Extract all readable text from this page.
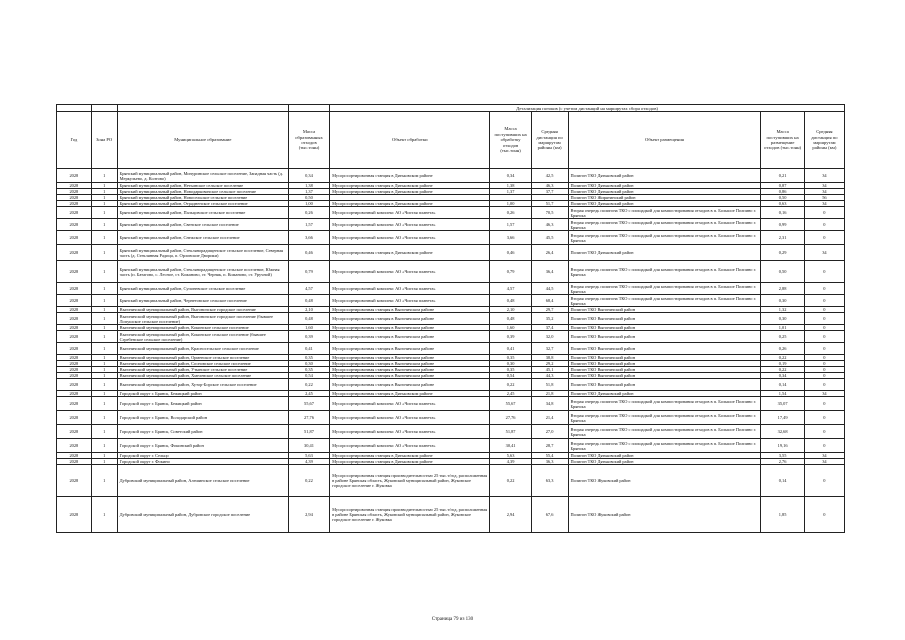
				Детализация потоков (с учетом дистанций на маршрутах сбора отходов)					
Год	Зона РО	Муниципальное образование	Масса образованных отходов (тыс.тонн)	Объект обработки	Масса поступивших на обработку отходов (тыс.тонн)	Средняя дистанция по маршрутам районы (км)	Объект размещения	Масса поступивших на размещение отходов (тыс.тонн)	Средняя дистанция по маршрутам районы (км)
2028	1	Брянский муниципальный район, Мичуринское сельское поселение, Западная часть (д. Меркульево, д. Колтово)	0,34	Мусоросортировочная станция в Дятьковском районе	0,34	42,5	Полигон ТКО Дятьковский район	0,21	34
2028	1	Брянский муниципальный район, Нетьинское сельское поселение	1,38	Мусоросортировочная станция в Дятьковском районе	1,38	46,3	Полигон ТКО Дятьковский район	0,87	34
2028	1	Брянский муниципальный район, Новодарковичское сельское поселение	1,37	Мусоросортировочная станция в Дятьковском районе	1,37	37,7	Полигон ТКО Дятьковский район	0,86	34
2028	1	Брянский муниципальный район, Новосельское сельское поселение	0,50				Полигон ТКО Жирятинский район	0,50	56
2028	1	Брянский муниципальный район, Отрадненское сельское поселение	1,00	Мусоросортировочная станция в Дятьковском районе	1,00	51,7	Полигон ТКО Дятьковский район	0,63	34
2028	1	Брянский муниципальный район, Пальцовское сельское поселение	0,26	Мусоросортировочный комплекс АО «Чистая планета»	0,26	70,5	Вторая очередь полигона ТКО с площадкой для компостирования отходов в п. Большое Полпино г. Брянска	0,16	0
2028	1	Брянский муниципальный район, Свенское сельское поселение	1,57	Мусоросортировочный комплекс АО «Чистая планета»	1,57	46,3	Вторая очередь полигона ТКО с площадкой для компостирования отходов в п. Большое Полпино г. Брянска	0,99	0
2028	1	Брянский муниципальный район, Снежское сельское поселение	3,66	Мусоросортировочный комплекс АО «Чистая планета»	3,66	45,5	Вторая очередь полигона ТКО с площадкой для компостирования отходов в п. Большое Полпино г. Брянска	2,31	0
2028	1	Брянский муниципальный район, Стеклянорадищенское сельское поселение, Северная часть (д. Стеклянная Радица, п. Орловские Дворики)	0,46	Мусоросортировочная станция в Дятьковском районе	0,46	26,4	Полигон ТКО Дятьковский район	0,29	34
2028	1	Брянский муниципальный район, Стеклянорадищенское сельское поселение, Южная часть (п. Батагово, с. Лесное, ст. Кожаново, ст. Черняк, п. Кожаново, ст. Уручной)	0,79	Мусоросортировочный комплекс АО «Чистая планета»	0,79	36,4	Вторая очередь полигона ТКО с площадкой для компостирования отходов в п. Большое Полпино г. Брянска	0,50	0
2028	1	Брянский муниципальный район, Супоневское сельское поселение	4,57	Мусоросортировочный комплекс АО «Чистая планета»	4,57	44,5	Вторая очередь полигона ТКО с площадкой для компостирования отходов в п. Большое Полпино г. Брянска	2,88	0
2028	1	Брянский муниципальный район, Чернетовское сельское поселение	0,48	Мусоросортировочный комплекс АО «Чистая планета»	0,48	68,4	Вторая очередь полигона ТКО с площадкой для компостирования отходов в п. Большое Полпино г. Брянска	0,30	0
2028	1	Выгоничский муниципальный район, Выгоничское городское поселение	2,10	Мусоросортировочная станция в Выгоничском районе	2,10	29,7	Полигон ТКО Выгоничский район	1,32	0
2028	1	Выгоничский муниципальный район, Выгоничское городское поселение (бывшее Лопушское сельское поселение)	0,48	Мусоросортировочная станция в Выгоничском районе	0,48	35,2	Полигон ТКО Выгоничский район	0,30	0
2028	1	Выгоничский муниципальный район, Кокинское сельское поселение	1,60	Мусоросортировочная станция в Выгоничском районе	1,60	37,4	Полигон ТКО Выгоничский район	1,01	0
2028	1	Выгоничский муниципальный район, Кокинское сельское поселение (бывшее Сгребенское сельское поселение)	0,39	Мусоросортировочная станция в Выгоничском районе	0,39	32,0	Полигон ТКО Выгоничский район	0,25	0
2028	1	Выгоничский муниципальный район, Красносельское сельское поселение	0,41	Мусоросортировочная станция в Выгоничском районе	0,41	32,7	Полигон ТКО Выгоничский район	0,26	0
2028	1	Выгоничский муниципальный район, Орменское сельское поселение	0,35	Мусоросортировочная станция в Выгоничском районе	0,35	38,8	Полигон ТКО Выгоничский район	0,22	0
2028	1	Выгоничский муниципальный район, Сосновское сельское поселение	0,30	Мусоросортировочная станция в Выгоничском районе	0,30	29,2	Полигон ТКО Выгоничский район	0,19	0
2028	1	Выгоничский муниципальный район, Утынское сельское поселение	0,35	Мусоросортировочная станция в Выгоничском районе	0,35	45,1	Полигон ТКО Выгоничский район	0,22	0
2028	1	Выгоничский муниципальный район, Хмелевское сельское поселение	0,54	Мусоросортировочная станция в Выгоничском районе	0,54	44,3	Полигон ТКО Выгоничский район	0,34	0
2028	1	Выгоничский муниципальный район, Хутор-Борское сельское поселение	0,22	Мусоросортировочная станция в Выгоничском районе	0,22	51,8	Полигон ТКО Выгоничский район	0,14	0
2028	1	Городской округ г. Брянск, Бежицкий район	2,45	Мусоросортировочная станция в Дятьковском районе	2,45	21,8	Полигон ТКО Дятьковский район	1,54	34
2028	1	Городской округ г. Брянск, Бежицкий район	55,67	Мусоросортировочный комплекс АО «Чистая планета»	55,67	34,8	Вторая очередь полигона ТКО с площадкой для компостирования отходов в п. Большое Полпино г. Брянска	35,07	0
2028	1	Городской округ г. Брянск, Володарский район	27,76	Мусоросортировочный комплекс АО «Чистая планета»	27,76	21,4	Вторая очередь полигона ТКО с площадкой для компостирования отходов в п. Большое Полпино г. Брянска	17,49	0
2028	1	Городской округ г. Брянск, Советский район	51,87	Мусоросортировочный комплекс АО «Чистая планета»	51,87	27,0	Вторая очередь полигона ТКО с площадкой для компостирования отходов в п. Большое Полпино г. Брянска	32,68	0
2028	1	Городской округ г. Брянск, Фокинский район	30,41	Мусоросортировочный комплекс АО «Чистая планета»	30,41	28,7	Вторая очередь полигона ТКО с площадкой для компостирования отходов в п. Большое Полпино г. Брянска	19,16	0
2028	1	Городской округ г. Сельцо	5,63	Мусоросортировочная станция в Дятьковском районе	5,63	55,4	Полигон ТКО Дятьковский район	3,55	34
2028	1	Городской округ г. Фокино	4,39	Мусоросортировочная станция в Дятьковском районе	4,39	36,3	Полигон ТКО Дятьковский район	2,76	34
2028	1	Дубровский муниципальный район, Алешинское сельское поселение	0,22	Мусоросортировочная станция производительностью 25 тыс.т/год, расположенная в районе Брянская область, Жуковский муниципальный район, Жуковское городское поселение г. Жуковка	0,22	63,3	Полигон ТКО Жуковский район	0,14	0
2028	1	Дубровский муниципальный район, Дубровское городское поселение	2,94	Мусоросортировочная станция производительностью 25 тыс.т/год, расположенная в районе Брянская область, Жуковский муниципальный район, Жуковское городское поселение г. Жуковка	2,94	67,6	Полигон ТКО Жуковский район	1,85	0
Страница 79 из 130
